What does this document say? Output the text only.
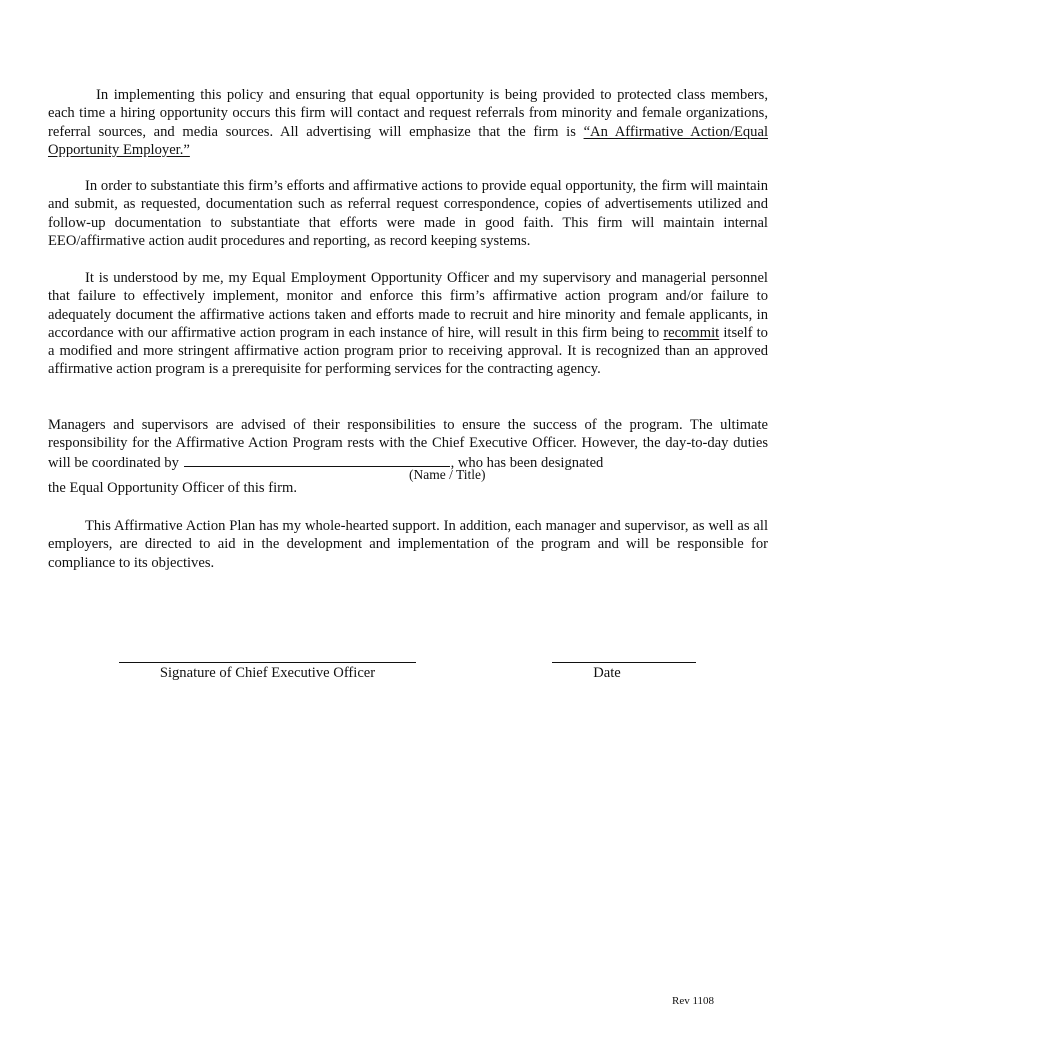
In implementing this policy and ensuring that equal opportunity is being provided to protected class members, each time a hiring opportunity occurs this firm will contact and request referrals from minority and female organizations, referral sources, and media sources. All advertising will emphasize that the firm is “An Affirmative Action/Equal Opportunity Employer.”

In order to substantiate this firm’s efforts and affirmative actions to provide equal opportunity, the firm will maintain and submit, as requested, documentation such as referral request correspondence, copies of advertisements utilized and follow-up documentation to substantiate that efforts were made in good faith. This firm will maintain internal EEO/affirmative action audit procedures and reporting, as record keeping systems.

It is understood by me, my Equal Employment Opportunity Officer and my supervisory and managerial personnel that failure to effectively implement, monitor and enforce this firm’s affirmative action program and/or failure to adequately document the affirmative actions taken and efforts made to recruit and hire minority and female applicants, in accordance with our affirmative action program in each instance of hire, will result in this firm being to recommit itself to a modified and more stringent affirmative action program prior to receiving approval. It is recognized than an approved affirmative action program is a prerequisite for performing services for the contracting agency.

Managers and supervisors are advised of their responsibilities to ensure the success of the program. The ultimate responsibility for the Affirmative Action Program rests with the Chief Executive Officer. However, the day-to-day duties will be coordinated by	, who has been designated

(Name / Title)
the Equal Opportunity Officer of this firm.

This Affirmative Action Plan has my whole-hearted support. In addition, each manager and supervisor, as well as all employers, are directed to aid in the development and implementation of the program and will be responsible for compliance to its objectives.

Signature of Chief Executive Officer	Date
Rev 1108
